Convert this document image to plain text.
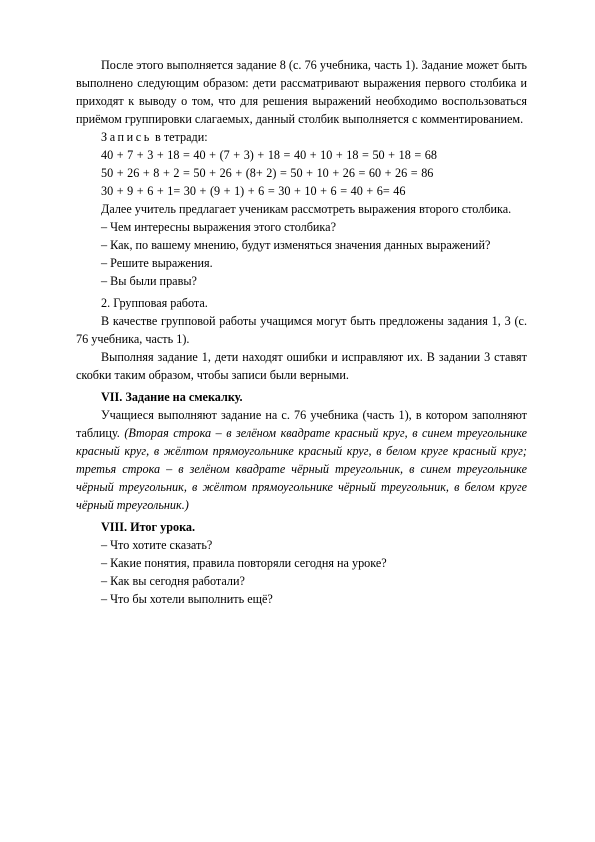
После этого выполняется задание 8 (с. 76 учебника, часть 1). Задание может быть выполнено следующим образом: дети рассматривают выражения первого столбика и приходят к выводу о том, что для решения выражений необходимо воспользоваться приёмом группировки слагаемых, данный столбик выполняется с комментированием.

Запись в тетради:

40 + 7 + 3 + 18 = 40 + (7 + 3) + 18 = 40 + 10 + 18 = 50 + 18 = 68

50 + 26 + 8 + 2 = 50 + 26 + (8+ 2) = 50 + 10 + 26 = 60 + 26 = 86

30 + 9 + 6 + 1= 30 + (9 + 1) + 6 = 30 + 10 + 6 = 40 + 6= 46

Далее учитель предлагает ученикам рассмотреть выражения второго столбика.

– Чем интересны выражения этого столбика?

– Как, по вашему мнению, будут изменяться значения данных выражений?

– Решите выражения.

– Вы были правы?

2. Групповая работа.

В качестве групповой работы учащимся могут быть предложены задания 1, 3 (с. 76 учебника, часть 1).

Выполняя задание 1, дети находят ошибки и исправляют их. В задании 3 ставят скобки таким образом, чтобы записи были верными.

VII. Задание на смекалку.

Учащиеся выполняют задание на с. 76 учебника (часть 1), в котором заполняют таблицу. (Вторая строка – в зелёном квадрате красный круг, в синем треугольнике красный круг, в жёлтом прямоугольнике красный круг, в белом круге красный круг; третья строка – в зелёном квадрате чёрный треугольник, в синем треугольнике чёрный треугольник, в жёлтом прямоугольнике чёрный треугольник, в белом круге чёрный треугольник.)

VIII. Итог урока.

– Что хотите сказать?

– Какие понятия, правила повторяли сегодня на уроке?

– Как вы сегодня работали?

– Что бы хотели выполнить ещё?
